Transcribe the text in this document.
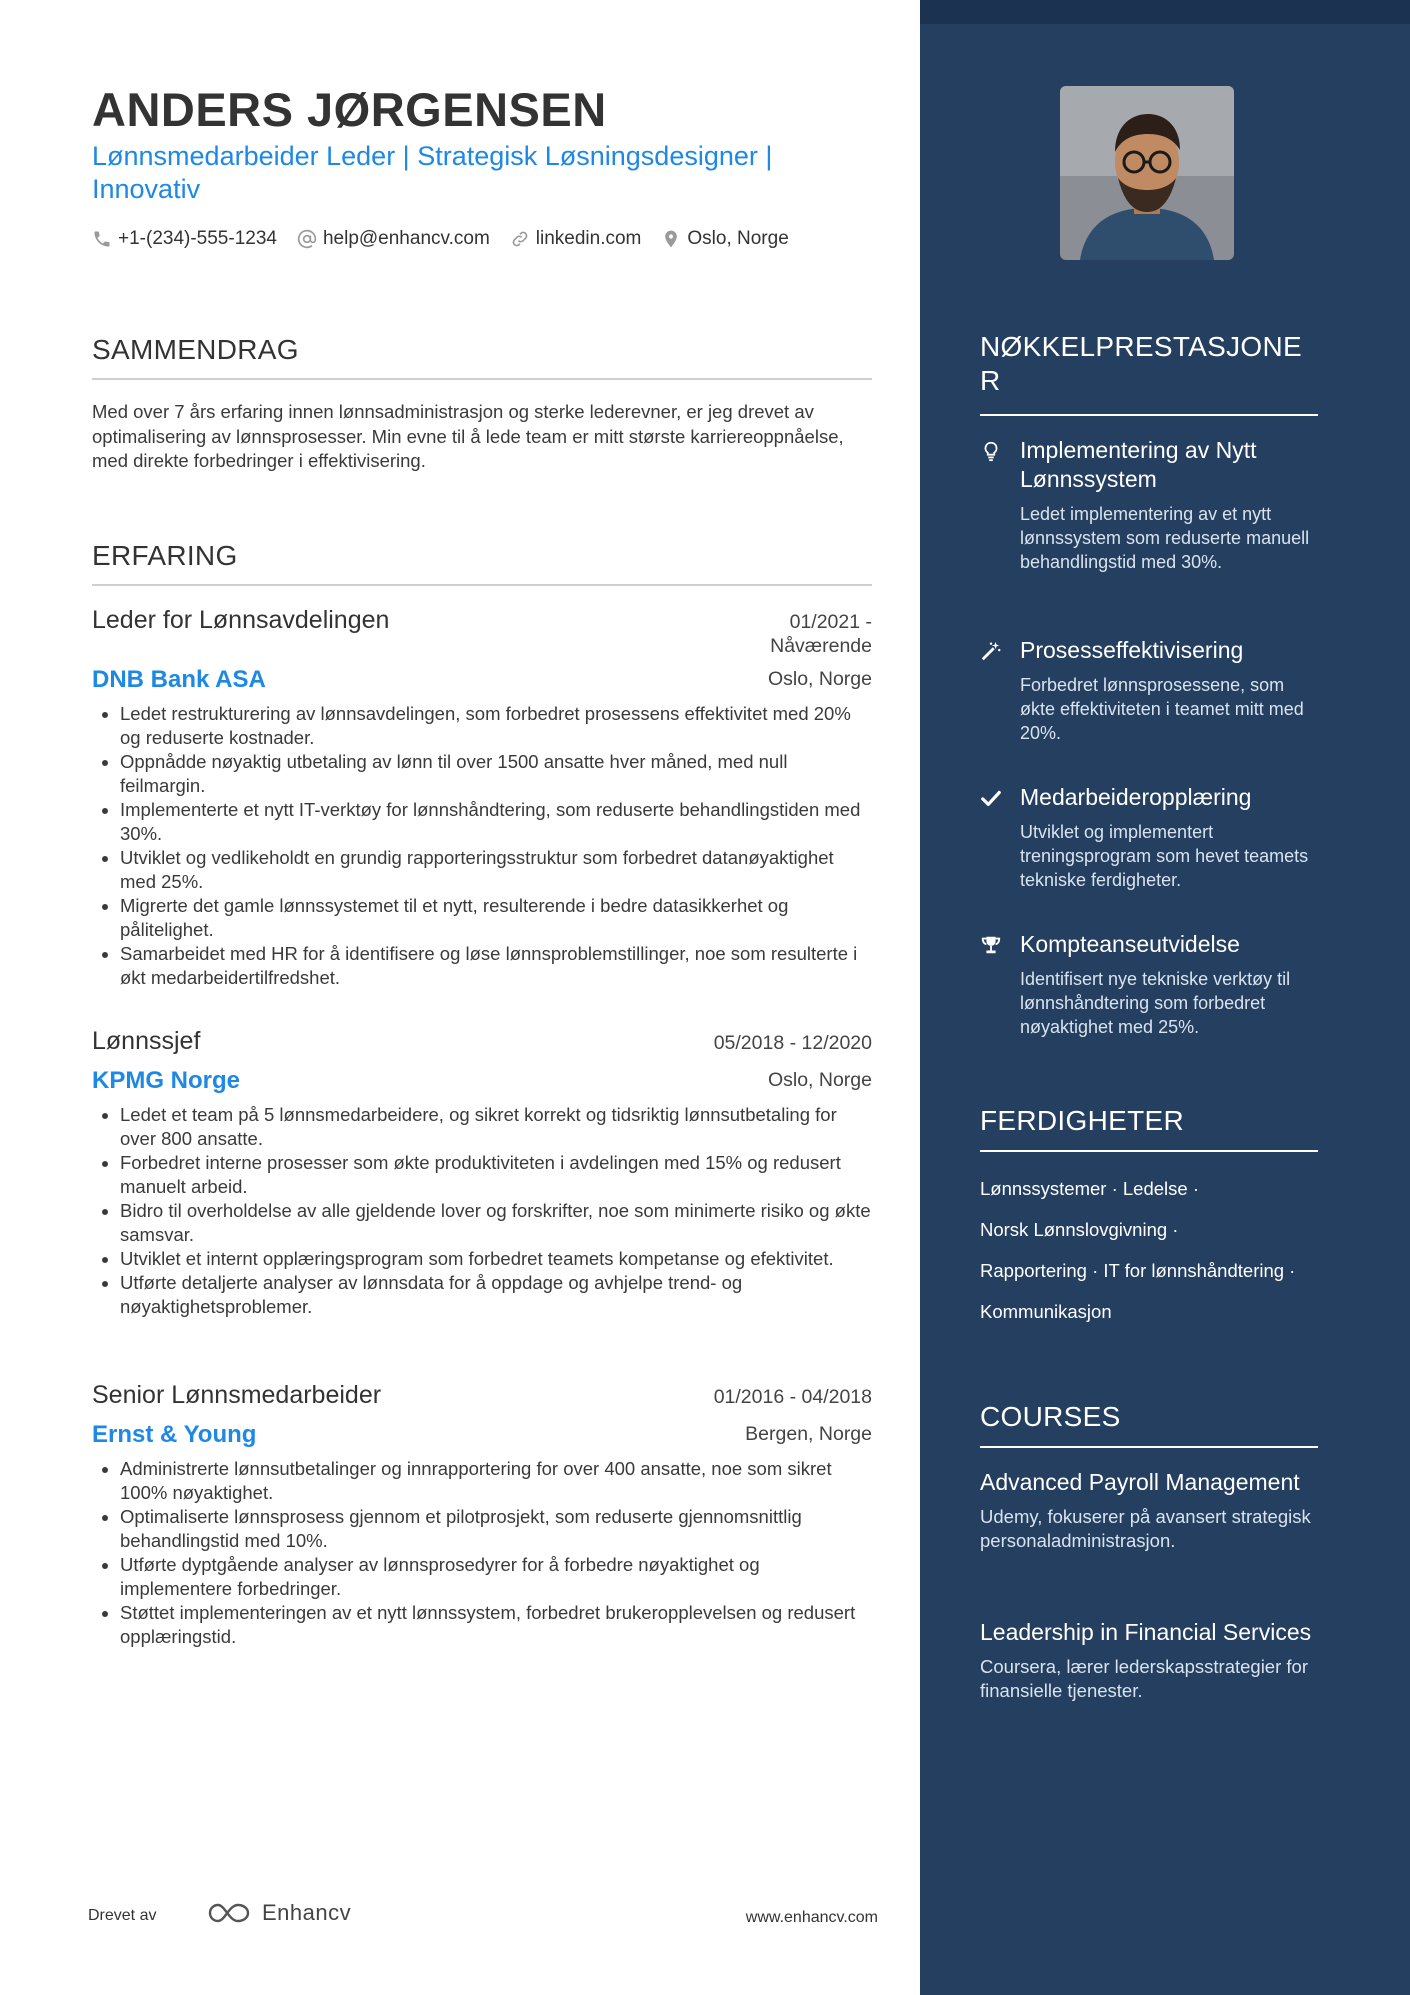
ANDERS JØRGENSEN
Lønnsmedarbeider Leder | Strategisk Løsningsdesigner | Innovativ
+1-(234)-555-1234 help@enhancv.com linkedin.com Oslo, Norge
SAMMENDRAG

Med over 7 års erfaring innen lønnsadministrasjon og sterke lederevner, er jeg drevet av optimalisering av lønnsprosesser. Min evne til å lede team er mitt største karriereoppnåelse, med direkte forbedringer i effektivisering.

ERFARING
Leder for Lønnsavdelingen	01/2021 - Nåværende
DNB Bank ASA	Oslo, Norge
• Ledet restrukturering av lønnsavdelingen, som forbedret prosessens effektivitet med 20% og reduserte kostnader.
• Oppnådde nøyaktig utbetaling av lønn til over 1500 ansatte hver måned, med null feilmargin.
• Implementerte et nytt IT-verktøy for lønnshåndtering, som reduserte behandlingstiden med 30%.
• Utviklet og vedlikeholdt en grundig rapporteringsstruktur som forbedret datanøyaktighet med 25%.
• Migrerte det gamle lønnssystemet til et nytt, resulterende i bedre datasikkerhet og pålitelighet.
• Samarbeidet med HR for å identifisere og løse lønnsproblemstillinger, noe som resulterte i økt medarbeidertilfredshet.
Lønnssjef	05/2018 - 12/2020
KPMG Norge	Oslo, Norge
• Ledet et team på 5 lønnsmedarbeidere, og sikret korrekt og tidsriktig lønnsutbetaling for over 800 ansatte.
• Forbedret interne prosesser som økte produktiviteten i avdelingen med 15% og redusert manuelt arbeid.
• Bidro til overholdelse av alle gjeldende lover og forskrifter, noe som minimerte risiko og økte samsvar.
• Utviklet et internt opplæringsprogram som forbedret teamets kompetanse og efektivitet.
• Utførte detaljerte analyser av lønnsdata for å oppdage og avhjelpe trend- og nøyaktighetsproblemer.
Senior Lønnsmedarbeider	01/2016 - 04/2018
Ernst & Young	Bergen, Norge
• Administrerte lønnsutbetalinger og innrapportering for over 400 ansatte, noe som sikret 100% nøyaktighet.
• Optimaliserte lønnsprosess gjennom et pilotprosjekt, som reduserte gjennomsnittlig behandlingstid med 10%.
• Utførte dyptgående analyser av lønnsprosedyrer for å forbedre nøyaktighet og implementere forbedringer.
• Støttet implementeringen av et nytt lønnssystem, forbedret brukeropplevelsen og redusert opplæringstid.
Drevet av	Enhancv	www.enhancv.com
NØKKELPRESTASJONER
Implementering av Nytt Lønnssystem

Ledet implementering av et nytt lønnssystem som reduserte manuell behandlingstid med 30%.

Prosesseffektivisering

Forbedret lønnsprosessene, som økte effektiviteten i teamet mitt med 20%.

Medarbeideropplæring

Utviklet og implementert treningsprogram som hevet teamets tekniske ferdigheter.

Kompteanseutvidelse

Identifisert nye tekniske verktøy til lønnshåndtering som forbedret nøyaktighet med 25%.

FERDIGHETER
Lønnssystemer · Ledelse ·
Norsk Lønnslovgivning ·
Rapportering · IT for lønnshåndtering ·
Kommunikasjon
COURSES
Advanced Payroll Management

Udemy, fokuserer på avansert strategisk personaladministrasjon.

Leadership in Financial Services

Coursera, lærer lederskapsstrategier for finansielle tjenester.
